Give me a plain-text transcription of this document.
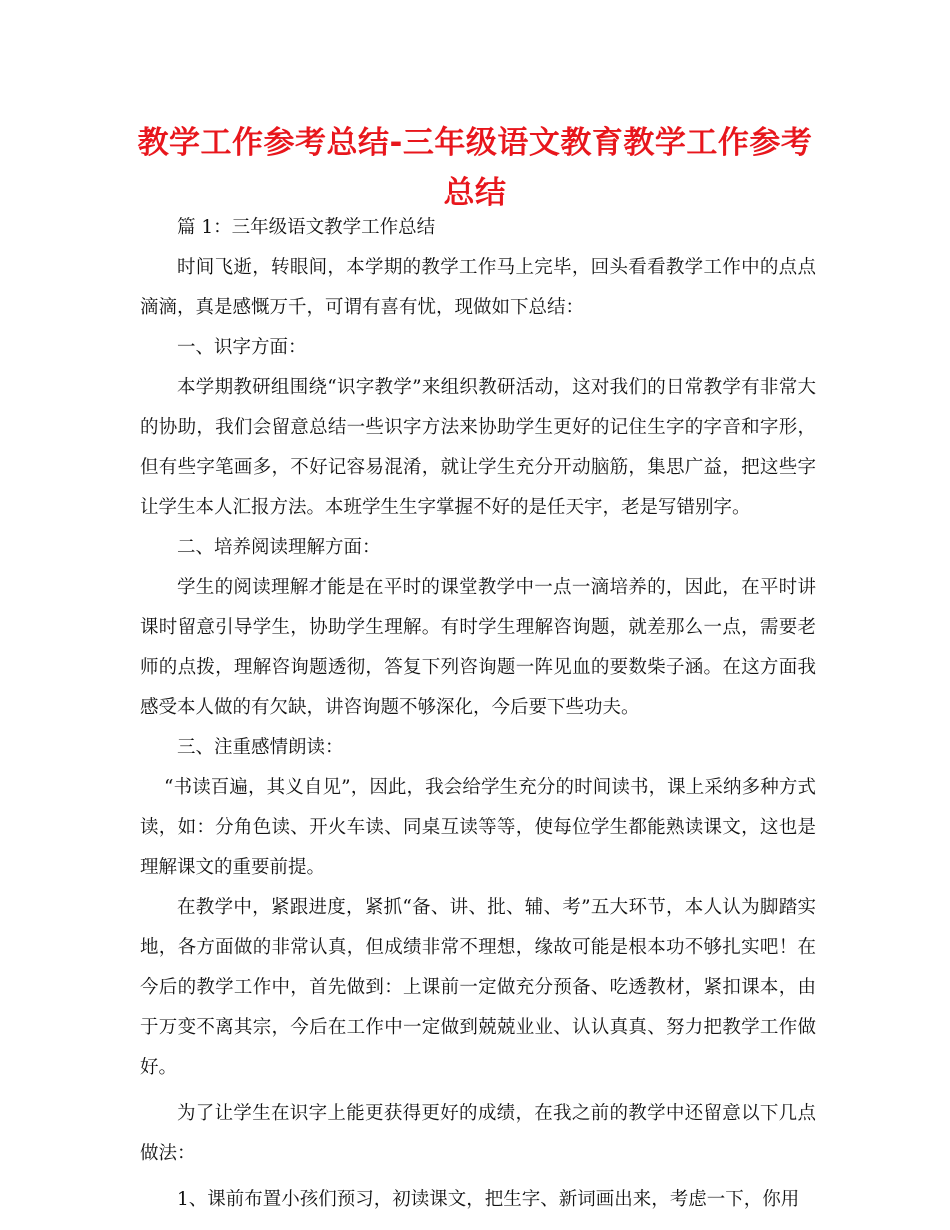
教学工作参考总结-三年级语文教育教学工作参考总结

篇 1：三年级语文教学工作总结

时间飞逝，转眼间，本学期的教学工作马上完毕，回头看看教学工作中的点点滴滴，真是感慨万千，可谓有喜有忧，现做如下总结：

一、识字方面：

本学期教研组围绕“识字教学”来组织教研活动，这对我们的日常教学有非常大的协助，我们会留意总结一些识字方法来协助学生更好的记住生字的字音和字形，但有些字笔画多，不好记容易混淆，就让学生充分开动脑筋，集思广益，把这些字让学生本人汇报方法。本班学生生字掌握不好的是任天宇，老是写错别字。

二、培养阅读理解方面：

学生的阅读理解才能是在平时的课堂教学中一点一滴培养的，因此，在平时讲课时留意引导学生，协助学生理解。有时学生理解咨询题，就差那么一点，需要老师的点拨，理解咨询题透彻，答复下列咨询题一阵见血的要数柴子涵。在这方面我感受本人做的有欠缺，讲咨询题不够深化，今后要下些功夫。

三、注重感情朗读：

“书读百遍，其义自见”，因此，我会给学生充分的时间读书，课上采纳多种方式读，如：分角色读、开火车读、同桌互读等等，使每位学生都能熟读课文，这也是理解课文的重要前提。

在教学中，紧跟进度，紧抓“备、讲、批、辅、考”五大环节，本人认为脚踏实地，各方面做的非常认真，但成绩非常不理想，缘故可能是根本功不够扎实吧！在今后的教学工作中，首先做到：上课前一定做充分预备、吃透教材，紧扣课本，由于万变不离其宗，今后在工作中一定做到兢兢业业、认认真真、努力把教学工作做好。

为了让学生在识字上能更获得更好的成绩，在我之前的教学中还留意以下几点做法：

1、课前布置小孩们预习，初读课文，把生字、新词画出来，考虑一下，你用
